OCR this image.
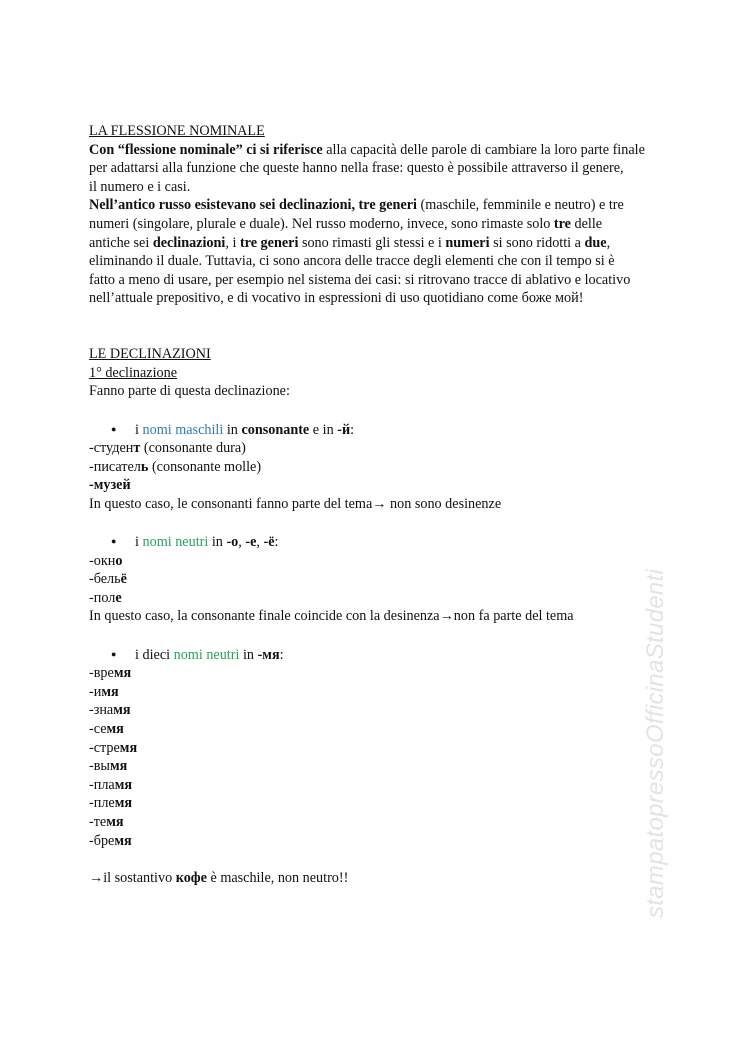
LA FLESSIONE NOMINALE
Con “flessione nominale” ci si riferisce alla capacità delle parole di cambiare la loro parte finale
per adattarsi alla funzione che queste hanno nella frase: questo è possibile attraverso il genere,
il numero e i casi.
Nell’antico russo esistevano sei declinazioni, tre generi (maschile, femminile e neutro) e tre
numeri (singolare, plurale e duale). Nel russo moderno, invece, sono rimaste solo tre delle
antiche sei declinazioni, i tre generi sono rimasti gli stessi e i numeri si sono ridotti a due,
eliminando il duale. Tuttavia, ci sono ancora delle tracce degli elementi che con il tempo si è
fatto a meno di usare, per esempio nel sistema dei casi: si ritrovano tracce di ablativo e locativo
nell’attuale prepositivo, e di vocativo in espressioni di uso quotidiano come боже мой!
LE DECLINAZIONI
1° declinazione
Fanno parte di questa declinazione:
● i nomi maschili in consonante e in -й:
-студент (consonante dura)
-писатель (consonante molle)
-музей
In questo caso, le consonanti fanno parte del tema→ non sono desinenze
● i nomi neutri in -o, -e, -ё:
-окно
-бельё
-поле
In questo caso, la consonante finale coincide con la desinenza→non fa parte del tema
● i dieci nomi neutri in -мя:
-время
-имя
-знамя
-семя
-стремя
-вымя
-пламя
-племя
-темя
-бремя
→il sostantivo кофе è maschile, non neutro!!	stampatopressoOfficinaStudenti
